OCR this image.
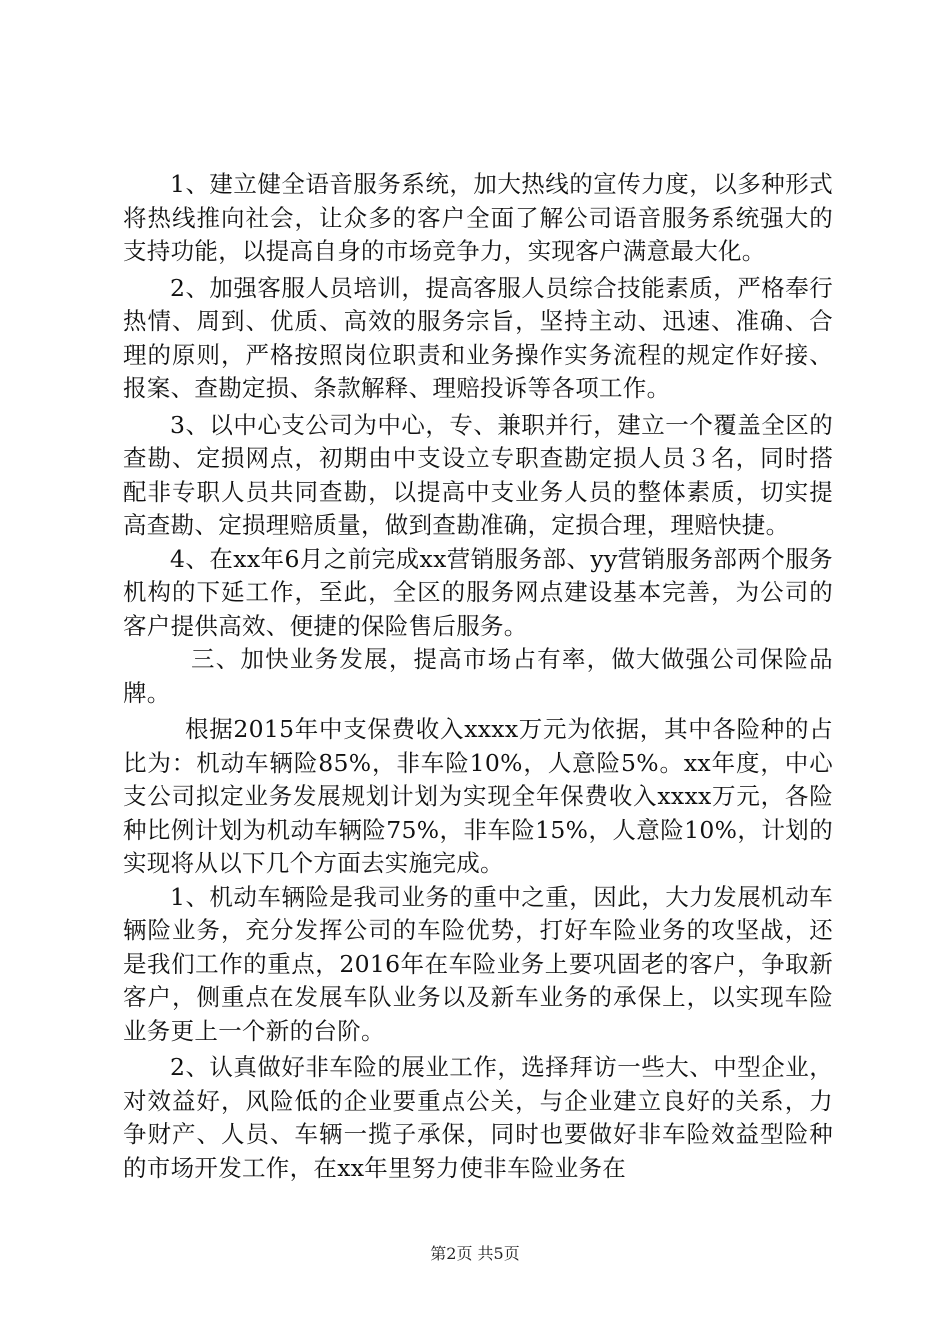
1、建立健全语音服务系统，加大热线的宣传力度，以多种形式将热线推向社会，让众多的客户全面了解公司语音服务系统强大的支持功能，以提高自身的市场竞争力，实现客户满意最大化。

2、加强客服人员培训，提高客服人员综合技能素质，严格奉行热情、周到、优质、高效的服务宗旨，坚持主动、迅速、准确、合理的原则，严格按照岗位职责和业务操作实务流程的规定作好接、报案、查勘定损、条款解释、理赔投诉等各项工作。

3、以中心支公司为中心，专、兼职并行，建立一个覆盖全区的查勘、定损网点，初期由中支设立专职查勘定损人员３名，同时搭配非专职人员共同查勘，以提高中支业务人员的整体素质，切实提高查勘、定损理赔质量，做到查勘准确，定损合理，理赔快捷。

4、在xx年6月之前完成xx营销服务部、yy营销服务部两个服务机构的下延工作，至此，全区的服务网点建设基本完善，为公司的客户提供高效、便捷的保险售后服务。

三、加快业务发展，提高市场占有率，做大做强公司保险品牌。

根据2015年中支保费收入xxxx万元为依据，其中各险种的占比为：机动车辆险85%，非车险10%，人意险5%。xx年度，中心支公司拟定业务发展规划计划为实现全年保费收入xxxx万元，各险种比例计划为机动车辆险75%，非车险15%，人意险10%，计划的实现将从以下几个方面去实施完成。

1、机动车辆险是我司业务的重中之重，因此，大力发展机动车辆险业务，充分发挥公司的车险优势，打好车险业务的攻坚战，还是我们工作的重点，2016年在车险业务上要巩固老的客户，争取新客户，侧重点在发展车队业务以及新车业务的承保上，以实现车险业务更上一个新的台阶。

2、认真做好非车险的展业工作，选择拜访一些大、中型企业，对效益好，风险低的企业要重点公关，与企业建立良好的关系，力争财产、人员、车辆一揽子承保，同时也要做好非车险效益型险种的市场开发工作，在xx年里努力使非车险业务在

第2页 共5页
